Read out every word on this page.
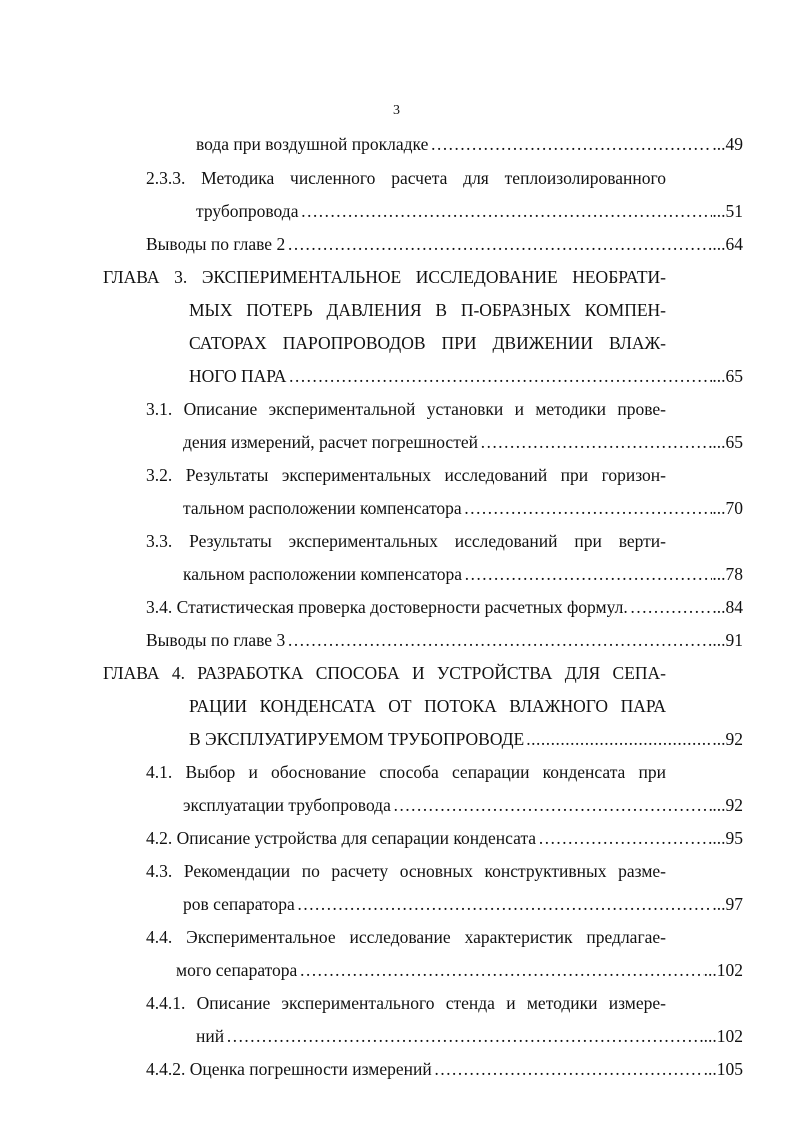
3
вода при воздушной прокладке …………………………………………………………………………………………………………	...49
2.3.3. Методика численного расчета для теплоизолированного
трубопровода …………………………………………………………………………………………………………	...51
Выводы по главе 2 …………………………………………………………………………………………………………	...64
ГЛАВА 3. ЭКСПЕРИМЕНТАЛЬНОЕ ИССЛЕДОВАНИЕ НЕОБРАТИ-
МЫХ ПОТЕРЬ ДАВЛЕНИЯ В П-ОБРАЗНЫХ КОМПЕН-
САТОРАХ ПАРОПРОВОДОВ ПРИ ДВИЖЕНИИ ВЛАЖ-
НОГО ПАРА …………………………………………………………………………………………………………	...65
3.1. Описание экспериментальной установки и методики прове-
дения измерений, расчет погрешностей …………………………………………………………………………………………………………	...65
3.2. Результаты экспериментальных исследований при горизон-
тальном расположении компенсатора …………………………………………………………………………………………………………	...70
3.3. Результаты экспериментальных исследований при верти-
кальном расположении компенсатора …………………………………………………………………………………………………………	...78
3.4. Статистическая проверка достоверности расчетных формул. …………………………………………………………………………………………………………	...84
Выводы по главе 3 …………………………………………………………………………………………………………	...91
ГЛАВА 4. РАЗРАБОТКА СПОСОБА И УСТРОЙСТВА ДЛЯ СЕПА-
РАЦИИ КОНДЕНСАТА ОТ ПОТОКА ВЛАЖНОГО ПАРА
В ЭКСПЛУАТИРУЕМОМ ТРУБОПРОВОДЕ .....	...92
4.1. Выбор и обоснование способа сепарации конденсата при
эксплуатации трубопровода …………………………………………………………………………………………………………	...92
4.2. Описание устройства для сепарации конденсата …………………………………………………………………………………………………………	...95
4.3. Рекомендации по расчету основных конструктивных разме-
ров сепаратора …………………………………………………………………………………………………………	...97
4.4. Экспериментальное исследование характеристик предлагае-
мого сепаратора …………………………………………………………………………………………………………	...102
4.4.1. Описание экспериментального стенда и методики измере-
ний …………………………………………………………………………………………………………	...102
4.4.2. Оценка погрешности измерений …………………………………………………………………………………………………………	...105
